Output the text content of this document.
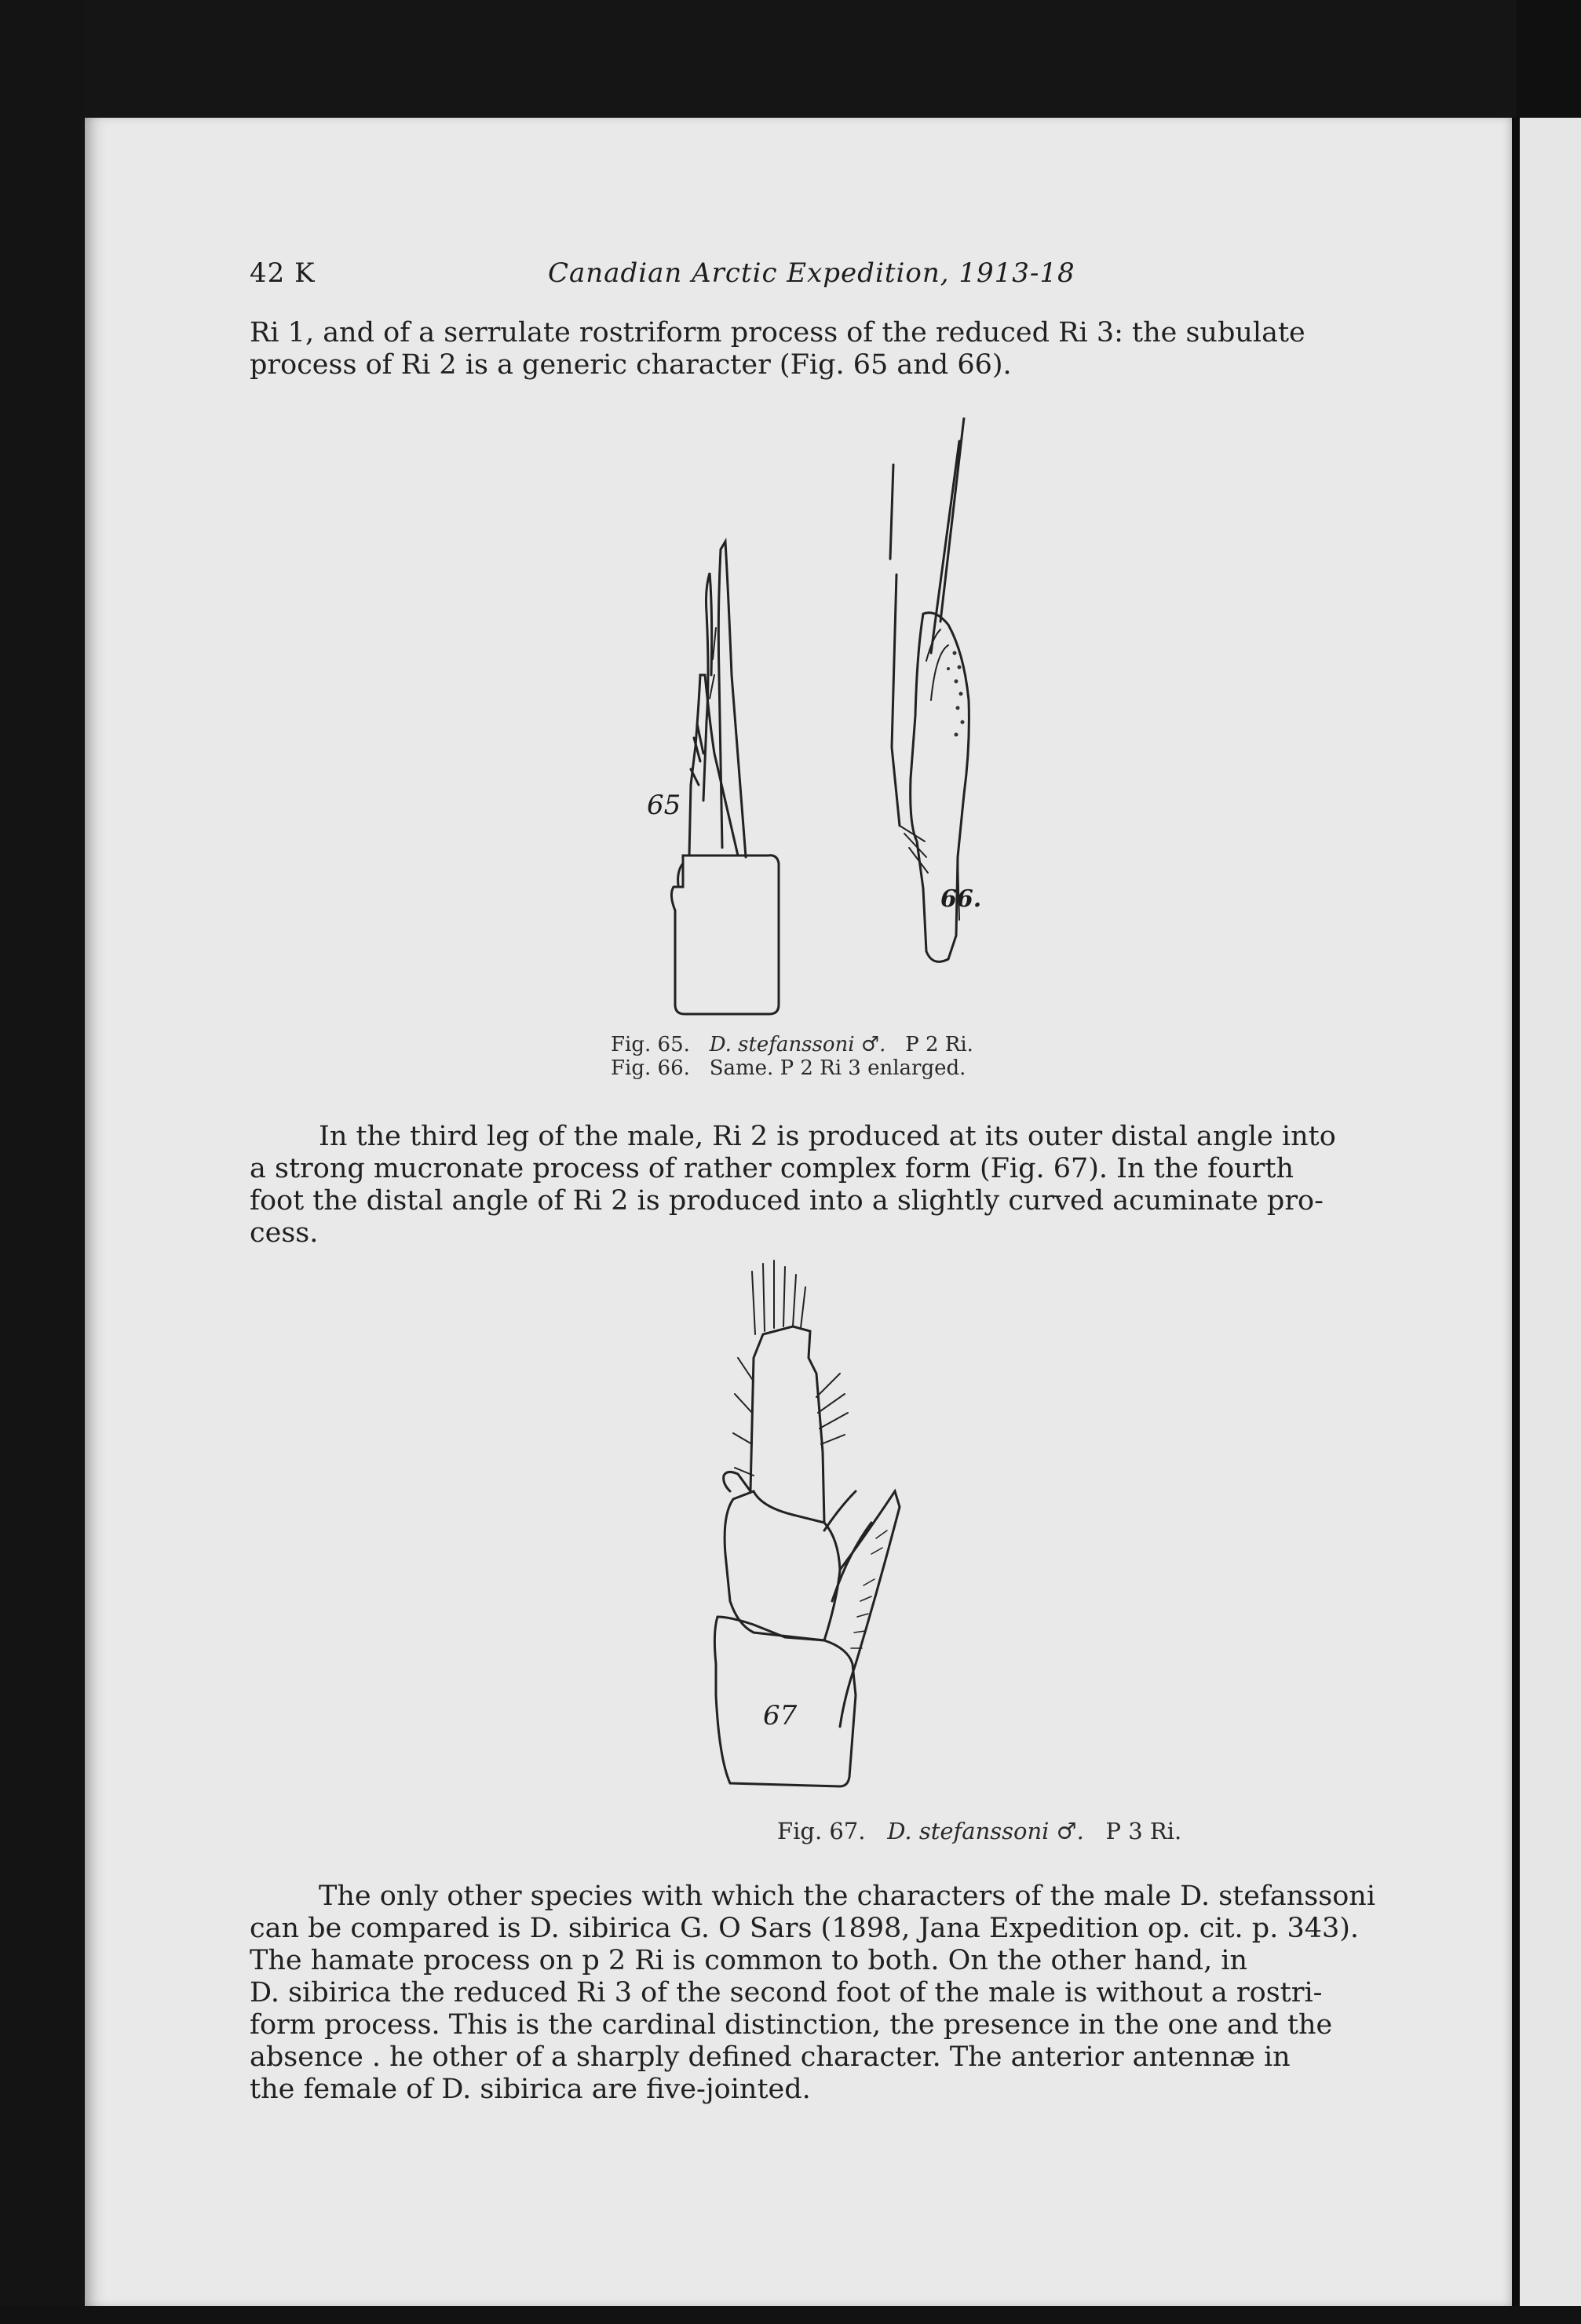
42 K	Canadian Arctic Expedition, 1913-18
Ri 1, and of a serrulate rostriform process of the reduced Ri 3: the subulate
process of Ri 2 is a generic character (Fig. 65 and 66).
65
66.
Fig. 65. D. stefanssoni ♂. P 2 Ri.
Fig. 66. Same. P 2 Ri 3 enlarged.
In the third leg of the male, Ri 2 is produced at its outer distal angle into
a strong mucronate process of rather complex form (Fig. 67). In the fourth
foot the distal angle of Ri 2 is produced into a slightly curved acuminate pro-
cess.
67
Fig. 67. D. stefanssoni ♂. P 3 Ri.
The only other species with which the characters of the male D. stefanssoni
can be compared is D. sibirica G. O Sars (1898, Jana Expedition op. cit. p. 343).
The hamate process on p 2 Ri is common to both. On the other hand, in
D. sibirica the reduced Ri 3 of the second foot of the male is without a rostri-
form process. This is the cardinal distinction, the presence in the one and the
absence . he other of a sharply defined character. The anterior antennæ in
the female of D. sibirica are five-jointed.
